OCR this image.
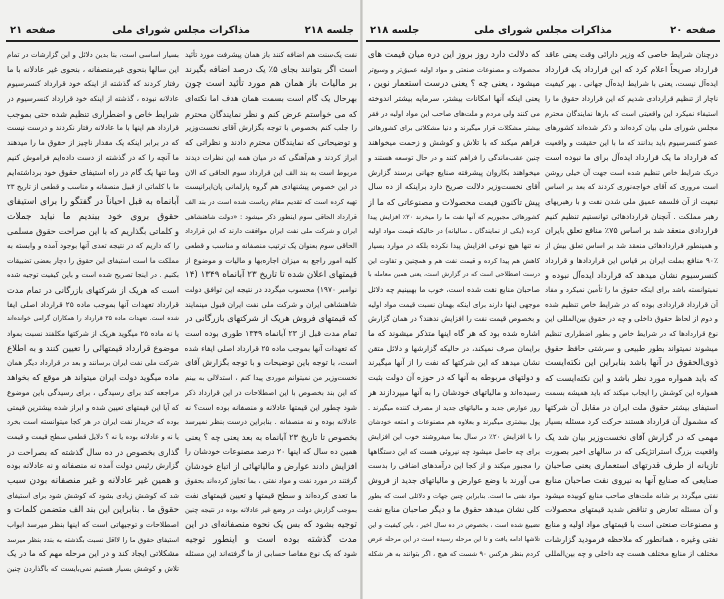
صفحه ۲۱	مذاکرات مجلس شورای ملی	جلسه ۲۱۸
نفت یک‌سنت هم اضافه کنند باز همان پیشرفت مورد تأئید
است اگر بتوانند بجای ۵٪ یک درصد اضافه بگیرند
بر مالیات باز همان هم مورد تأئید است چون
بهرحال یک گام است بسمت همان هدف اما نکته‌ای
که می خواستم عرض کنم و نظر نمایندگان محترم
را جلب کنم بخصوص با توجه بگزارش آقای نخست‌وزیر
و توضیحاتی که نمایندگان محترم دادند و نظراتی که
ابراز کردند و هم‌آهنگی که در میان همه این نظرات دیدند
مربوط است به بند الف این قرارداد سوم الحاقی که الان
در این خصوص پیشنهادی هم گروه پارلمانی پان‌ایرانیست
تهیه کرده است که تقدیم مقام ریاست شده است در بند الف
قرارداد الحاقی سوم اینطور ذکر میشود : «دولت شاهنشاهی
ایران و شرکت ملی نفت ایران موافقت دارند که این قرارداد
الحاقی سوم بعنوان یک ترتیب منصفانه و مناسب و قطعی
کلیه امور راجع به میزان اجاره‌بها و مالیات و موضوع از
قیمتهای اعلان شده تا تاریخ ۲۳ آبانماه ۱۳۴۹ (۱۴
نوامبر ۱۹۷۰) محسوب میگردد در نتیجه این توافق دولت
شاهنشاهی ایران و شرکت ملی نفت ایران قبول مینمایند
که قیمتهای فروش هریک از شرکتهای بازرگانی در
تمام مدت قبل از ۲۳ آبانماه ۱۳۴۹ طوری بوده است
که تعهدات آنها بموجب ماده ۲۵ قرارداد اصلی ایفاء شده
است، با توجه باین توضیحات و با توجه بگزارش آقای
نخست‌وزیر من نمیتوانم موردی پیدا کنم ، استدلالی به بینم
که این بند بخصوص با این اصطلاحات در این قرارداد ذکر
شود چطور این قیمتها عادلانه و منصفانه بوده است؟ نه
عادلانه بوده و نه منصفانه . بنابراین درست بنظر نمیرسد
بخصوص تا تاریخ ۲۳ آبانماه به بعد یعنی چه ؟ یعنی
همین ده سال که اینها ۲۰ درصد مصنوعات خودشان را
افزایش دادند عوارض و مالیاتهائی از اتباع خودشان
گرفتند در مورد نفت و مواد نفتی ، بما تجاوز کرده‌اند بحقوق
ما تعدی کرده‌اند و سطح قیمتها و تعیین قیمتهای نفت
بموجب گزارش دولت در وضع غیر عادلانه بوده در نتیجه چنین
توجیه بشود که بس یک نحوه منصفانه‌ای در این
مدت گذشته بوده است و اینطور توجیه
شود که یک نوع مفاصا حسابی از ما گرفته‌اند این مسئله
بسیار اساسی است، بنا بدین دلائل و این گزارشات در تمام
این سالها بنحوی غیرمنصفانه ، بنحوی غیر عادلانه با ما
رفتار کردند که گذشته از اینکه خود قرارداد کنسرسیوم
عادلانه نبوده ، گذشته از اینکه خود قرارداد کنسرسیوم در
شرایط خاص و اضطراری تنظیم شده حتی بموجب
قرارداد هم اینها با ما عادلانه رفتار نکردند و درست نیست
که در برابر اینکه یک مقدار ناچیز از حقوق ما را میدهند
ما آنچه را که در گذشته از دست داده‌ایم فراموش کنیم
وما تنها یک گام در راه استیفای حقوق خود برداشته‌ایم
ما با کلماتی از قبیل منصفانه و مناسب و قطعی از تاریخ ۲۳
آبانماه به قبل احیاناً در گفتگو را برای استیفای
حقوق بروی خود ببندیم ما نباید جملات
و کلماتی بگذاریم که با این صراحت حقوق مسلمی
را که داریم که در نتیجه تعدی آنها بوجود آمده و وابسته به
مملکت ما است استیفای این حقوق را دچار بعضی تضییقات
بکنیم . در اینجا تصریح شده است و باین کیفیت توجیه شده
است که هریک از شرکتهای بازرگانی در تمام مدت
قرارداد تعهدات آنها بموجب ماده ۲۵ قرارداد اصلی ایفا
شده است. تعهدات ماده ۲۵ قرارداد را همکاران گرامی خوانده‌اند
یا نه ماده ۲۵ میگوید هریک از شرکتها مکلفند نسبت بمواد
موضوع قرارداد قیمتهائی را تعیین کنند و به اطلاع
شرکت ملی نفت ایران برسانند و بعد در قرارداد دیگر همان
ماده میگوید دولت ایران میتواند هر موقع که بخواهد
مراجعه کند برای رسیدگی ، برای رسیدگی باین موضوع
که آیا این قیمتهای تعیین شده و ابراز شده بیشترین قیمتی
بوده که خریدار نفت ایران در هر کجا میتوانسته است بخرد
یا نه و عادلانه بوده یا نه ؟ دلایل قطعی سطح قیمت و قیمت
گذاری بخصوص در ده سال گذشته که بصراحت در
گزارش رئیس دولت آمده نه منصفانه و نه عادلانه بوده
و همین غیر عادلانه و غیر منصفانه بودن سبب
شد که کوشش زیادی بشود که کوشش شود برای استیفای
حقوق ما . بنابراین این بند الف متضمن کلمات و
اصطلاحات و توجیهاتی است که اینها بنظر میرسد ابواب
استیفای حقوق ما را لااقل نسبت بگذشته به بندد بنظر میرسد
مشکلاتی ایجاد کند و در این مرحله مهم که ما در یک
تلاش و کوشش بسیار هستیم نمی‌بایست که باگذاردن چنین
جلسه ۲۱۸	مذاکرات مجلس شورای ملی	صفحه ۲۰
درچنان شرایط خاصی که وزیر دارائی وقت یعنی عاقد
قرارداد صریحاً اعلام کرد که این قرارداد یک قرارداد
ایده‌آل نیست، یعنی با شرایط ایده‌آل جهانی . بهر کیفیت
ناچار از تنظیم قراردادی شدیم که این قرارداد حقوق ما را
استیفاء نمیکرد این واقعیتی است که بارها نمایندگان محترم
مجلس شورای ملی بیان کرده‌اند و ذکر شده‌اند کشورهای
عضو کنسرسیوم باید بدانند که ما با این حقیقت و واقعیت
که قرارداد ما یک قرارداد ایده‌آل برای ما نبوده است
دریک شرایط خاص تنظیم شده است جهت آن خیلی روشن
است مروری که آقای خواجه‌نوری کردند که بعد بر اساس
تبعیت از آن فلسفه عمیق ملی شدن نفت و با رهبریهای
رهبر مملکت . آنچنان قراردادهائی توانستیم تنظیم کنیم
قراردادی منعقد شد بر اساس ۷۵٪ منافع تعلق بایران
و همینطور قراردادهائی منعقد شد بر اساس تعلق بیش از
۹۰٪ منافع بملت ایران بر قیاس این قراردادها و قرارداد
کنسرسیوم نشان میدهد که قرارداد ایده‌آل نبوده و
نمیتوانسته باشد برای اینکه حقوق ما را تأمین نمیکرد و مفاد
آن قرارداد قراردادی بوده که در شرایط خاص تنظیم شده
و دوم از لحاظ حقوق داخلی و چه در حقوق بین‌المللی این
نوع قراردادها که در شرایط خاص و بطور اضطراری تنظیم
میشوند نمیتواند بطور طبیعی و سرشتی حافظ حقوق
ذوی‌الحقوق در آنها باشد بنابراین این نکته‌ایست
که باید همواره مورد نظر باشد و این نکته‌ایست که
همواره این کوشش را ایجاب میکند که باید همیشه بسمت
استیفای بیشتر حقوق ملت ایران در مقابل آن شرکتها
که مشمول آن قرارداد هستند حرکت کرد مسئله بسیار
مهمی که در گزارش آقای نخست‌وزیر بیان شد یک
واقعیت بزرگ استراتژیکی که در سالهای اخیر بصورت
تازیانه از طرف قدرتهای استعماری یعنی صاحبان
صنایعی که صنایع آنها به نیروی نفت صاحبان منابع
نفتی میگردد بر شانه ملت‌های صاحب منابع کوبیده میشود
و آن مسئله تعارض و تناقض شدید قیمتهای محصولات
و مصنوعات صنعتی است با قیمتهای مواد اولیه و منابع
نفتی وغیره ، همانطور که ملاحظه فرمودید گزارشات
مختلف از منابع مختلف هست چه داخلی و چه بین‌المللی
که دلالت دارد روز بروز این دره میان قیمت های
محصولات و مصنوعات صنعتی و مواد اولیه عمیق‌تر و وسیع‌تر
میشود ، یعنی چه ؟ یعنی درست استعمار نوین ،
یعنی اینکه آنها امکانات بیشتر، سرمایه بیشتر اندوخته
می کنند ولی مردم و ملت‌های صاحب این مواد اولیه در فقر
بیشتر مشکلات قرار میگیرند و دنیا مشکلاتی برای کشورهائی
فراهم میکند که با تلاش و کوشش و زحمت میخواهند
چنین عقب‌ماندگی را فراهم کنند و در حال توسعه هستند و
میخواهند بکاروان پیشرفته صنایع جهانی برسند گزارش
آقای نخست‌وزیر دلالت صریح دارد براینکه از ده سال
پیش تاکنون قیمت محصولات و مصنوعاتی که ما از
کشورهائی مجبوریم که آنها نفت ما را میخرند ۲۰٪ افزایش پیدا
کرده (یکی از نمایندگان ـ سالیانه) در حالیکه قیمت مواد اولیه
نه تنها هیچ نوعی افزایش پیدا نکرده بلکه در موارد بسیار
کاهش هم پیدا کرده و قیمت نفت هم و همچنین و تفاوت این
درست اصطلاحی است که در گزارش است، یعنی همین معامله با
صاحبان منابع نفت شده است، خوب ما بهبینیم چه دلائل
موجهی اینها دارند برای اینکه بهمان نسبت قیمت مواد اولیه
و بخصوص قیمت نفت را افزایش ندهند؟ در همان گزارش
اشاره شده بود که هر گاه اینها متذکر میشوند که ما
برایمان صرف نمیکند، در حالیکه گزارشها و دلائل متقن
نشان میدهد که این شرکتها که نفت را از آنها میگیرند
و دولتهای مربوطه به آنها که در حوزه آن دولت بثبت
رسیده‌اند و مالیاتهای خودشان را به آنها میپردازند هر
روز عوارض جدید و مالیاتهای جدید از مصرف کننده میگیرند .
پول بیشتری میگیرند و بعلاوه هم مصنوعات و امتعه خودشان
را با افزایش ۲۰٪ در سال بما میفروشند خوب این افزایش
برای چه حاصل میشود چه نیروئی هست که این دستگاهها
را مجبور میکند و از کجا این درآمدهای اضافی را بدست
می آورند با وضع عوارض و مالیاتهای جدید از فروش
مواد نفتی ما است. بنابراین چنین جهات و دلائلی است که بطور
کلی نشان میدهد حقوق ما و دیگر صاحبان منابع نفت
تضییع شده است ، بخصوص در ده سال اخیر ، باین کیفیت و این
تلاشها ادامه یافت و تا این مرحله رسیده است در این مرحله عرض
کردم بنظر هرکس ۹۰ شست که هیچ ، اگر بتوانند به هر شکله
